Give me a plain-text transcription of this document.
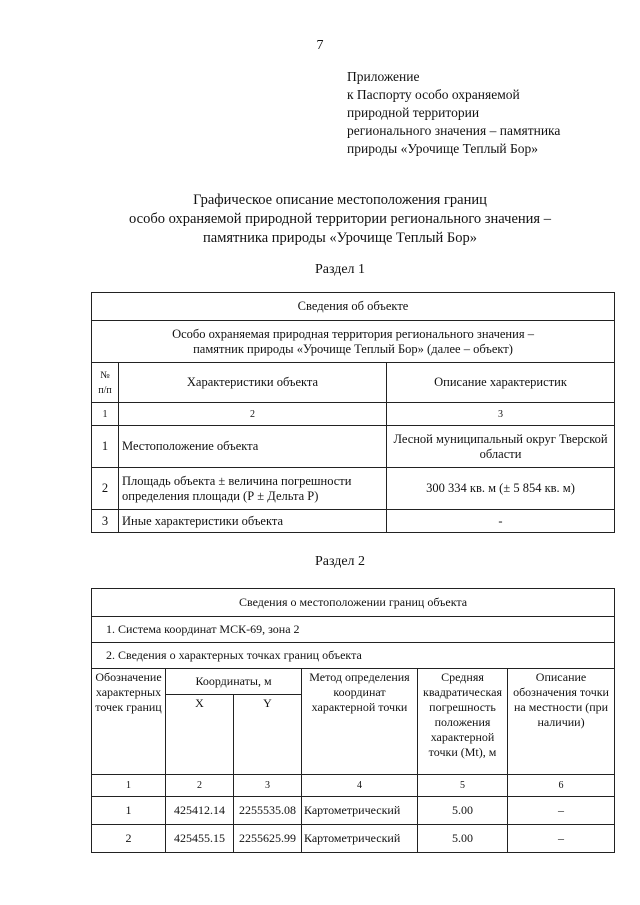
7
Приложение
к Паспорту особо охраняемой
природной территории
регионального значения – памятника
природы «Урочище Теплый Бор»
Графическое описание местоположения границ
особо охраняемой природной территории регионального значения –
памятника природы «Урочище Теплый Бор»
Раздел 1
Сведения об объекте		

Особо охраняемая природная территория регионального значения –
памятник природы «Урочище Теплый Бор» (далее – объект)		

№ п/п	Характеристики объекта	Описание характеристик
1	2	3
1	Местоположение объекта	Лесной муниципальный округ Тверской области
2	Площадь объекта ± величина погрешности определения площади (Р ± Дельта Р)	300 334 кв. м (± 5 854 кв. м)
3	Иные характеристики объекта	-
Раздел 2
Сведения о местоположении границ объекта					
1. Система координат МСК-69, зона 2					
2. Сведения о характерных точках границ объекта					
Обозначение характерных точек границ	Координаты, м		Метод определения координат характерной точки	Средняя квадратическая погрешность положения характерной точки (Mt), м	Описание обозначения точки на местности (при наличии)
	X	Y			
1	2	3	4	5	6
1	425412.14	2255535.08	Картометрический	5.00	–
2	425455.15	2255625.99	Картометрический	5.00	–
